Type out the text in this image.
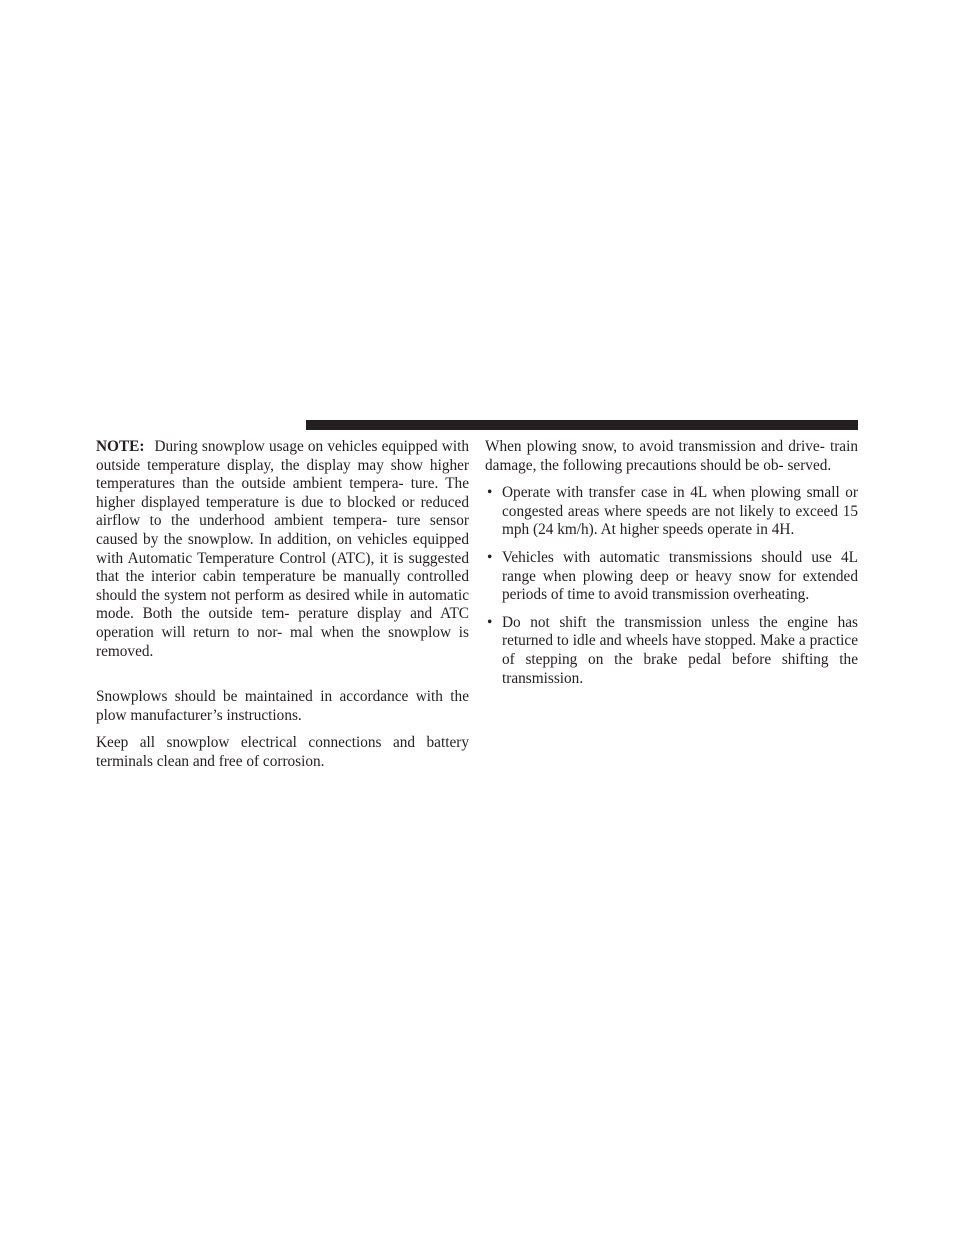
NOTE: During snowplow usage on vehicles equipped with outside temperature display, the display may show higher temperatures than the outside ambient tempera- ture. The higher displayed temperature is due to blocked or reduced airflow to the underhood ambient tempera- ture sensor caused by the snowplow. In addition, on vehicles equipped with Automatic Temperature Control (ATC), it is suggested that the interior cabin temperature be manually controlled should the system not perform as desired while in automatic mode. Both the outside tem- perature display and ATC operation will return to nor- mal when the snowplow is removed.

Snowplows should be maintained in accordance with the plow manufacturer’s instructions.

Keep all snowplow electrical connections and battery terminals clean and free of corrosion.

When plowing snow, to avoid transmission and drive- train damage, the following precautions should be ob- served.

• Operate with transfer case in 4L when plowing small or congested areas where speeds are not likely to exceed 15 mph (24 km/h). At higher speeds operate in 4H.
• Vehicles with automatic transmissions should use 4L range when plowing deep or heavy snow for extended periods of time to avoid transmission overheating.
• Do not shift the transmission unless the engine has returned to idle and wheels have stopped. Make a practice of stepping on the brake pedal before shifting the transmission.
